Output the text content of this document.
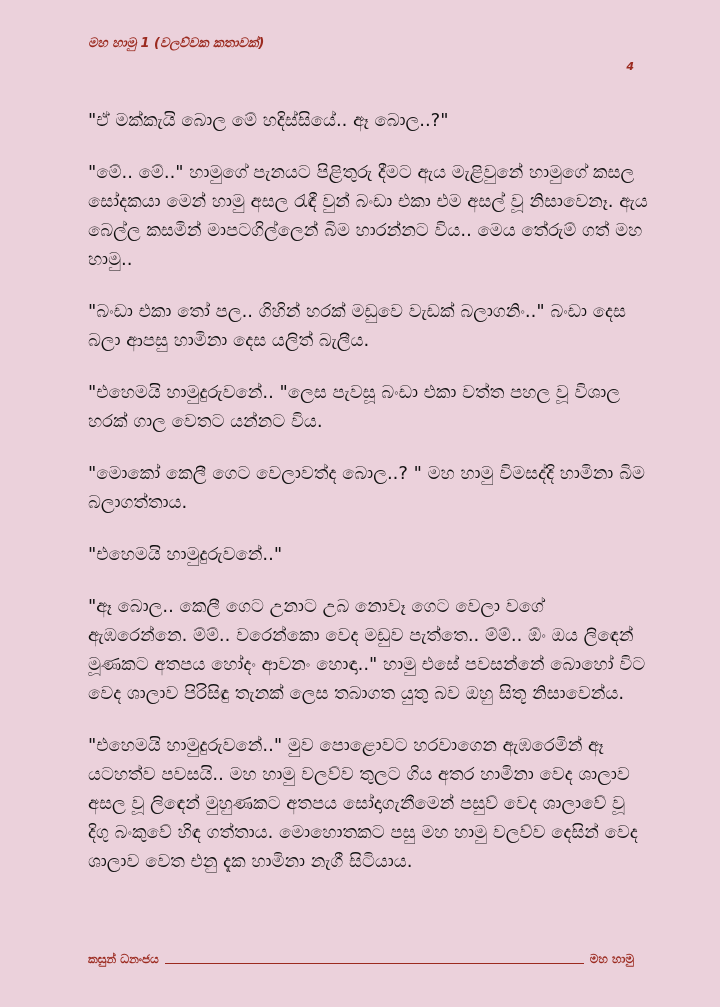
මහ හාමු 1 (වලව්වක කතාවක්)
4

"ඒ මක්කැයි බොල මේ හදිස්සියේ.. ඈ බොල..?"

"මේ.. මේ.." හාමුගේ පැනයට පිළිතුරු දීමට ඇය මැළිවුනේ හාමුගේ කසල සෝදකයා මෙන් හාමු අසල රැඳී වුන් බංඩා එකා එම අසල් වූ නිසාවෙනෑ. ඇය බෙල්ල කසමින් මාපටගිල්ලෙන් බිම හාරන්නට විය.. මෙය තේරුම් ගත් මහ හාමු..

"බංඩා එකා තෝ පල.. ගිහින් හරක් මඩුවෙ වැඩක් බලාගනිං.." බංඩා දෙස බලා ආපසු හාමිනා දෙස යලිත් බැලීය.

"එහෙමයි හාමුදුරුවනේ.. "ලෙස පැවසූ බංඩා එකා වත්ත පහල වූ විශාල හරක් ගාල වෙතට යන්නට විය.

"මොකෝ කෙලී ගෙට වෙලාවත්ද බොල..? " මහ හාමු විමසද්දි හාමිනා බිම බලාගත්තාය.

"එහෙමයි හාමුදුරුවනේ.."

"ඈ බොල.. කෙලී ගෙට උනාට උබ නොවෑ ගෙට වෙලා වගේ ඇඹරෙන්නෙ. ම්ම්.. වරෙන්කො වෙද මඩුව පැත්තෙ.. ම්ම්.. ඕං ඔය ලිඳෙන් මූණකට අතපය හෝදං ආවනං හොඳා.." හාමු එසේ පවසන්නේ බොහෝ විට වෙද ශාලාව පිරිසිඳු තැනක් ලෙස තබාගත යුතු බව ඔහු සිතූ නිසාවෙන්ය.

"එහෙමයි හාමුදුරුවනේ.." මුව පොළොවට හරවාගෙන ඇඹරෙමින් ඈ යටහත්ව පවසයි.. මහ හාමු වලව්ව තුලට ගිය අතර හාමිනා වෙද ශාලාව අසල වූ ලිඳෙන් මුහුණකට අතපය සෝදාගැනීමෙන් පසුව් වෙද ශාලාවේ වූ දිගු බංකුවේ හිඳ ගත්තාය. මොහොතකට පසු මහ හාමු වලව්ව දෙසින් වෙද ශාලාව වෙත එනු දැක හාමිනා නැගී සිටියාය.

කසුන් ධනංජය	මහ හාමු
